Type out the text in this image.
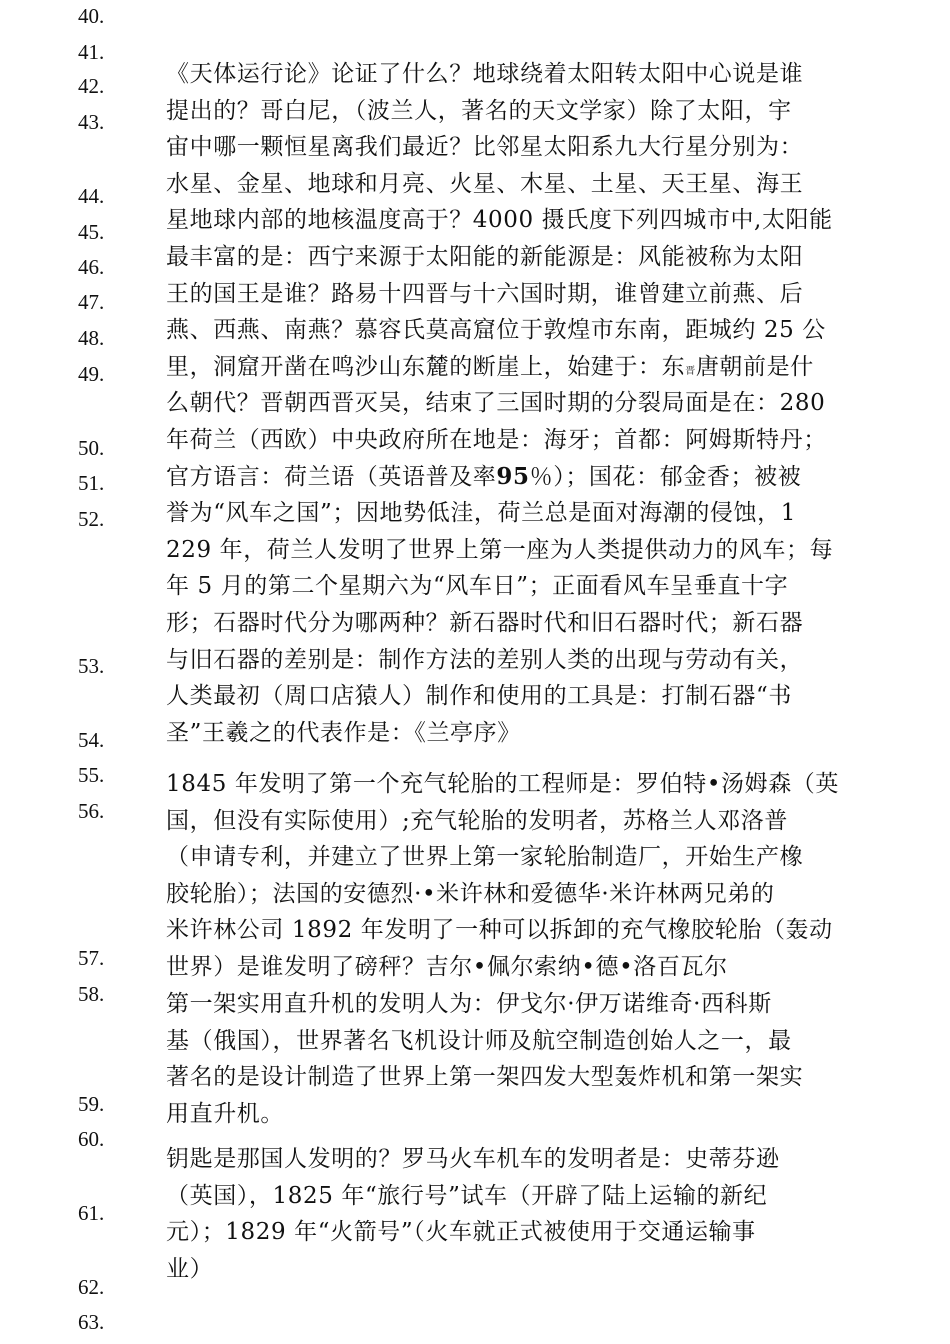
40.
41.
42.
43.
44.
45.
46.
47.
48.
49.
50.
51.
52.
53.
54.
55.
56.
57.
58.
59.
60.
61.
62.
63.
《天体运行论》论证了什么？地球绕着太阳转太阳中心说是谁
提出的？哥白尼，（波兰人，著名的天文学家）除了太阳，宇
宙中哪一颗恒星离我们最近？比邻星太阳系九大行星分别为：
水星、金星、地球和月亮、火星、木星、土星、天王星、海王
星地球内部的地核温度高于？4000 摄氏度下列四城市中,太阳能
最丰富的是：西宁来源于太阳能的新能源是：风能被称为太阳
王的国王是谁？路易十四晋与十六国时期，谁曾建立前燕、后
燕、西燕、南燕？慕容氏莫高窟位于敦煌市东南，距城约 25 公
里，洞窟开凿在鸣沙山东麓的断崖上，始建于：东晋唐朝前是什
么朝代？晋朝西晋灭吴，结束了三国时期的分裂局面是在：280
年荷兰（西欧）中央政府所在地是：海牙；首都：阿姆斯特丹；
官方语言：荷兰语（英语普及率95％）；国花：郁金香；被被
誉为“风车之国”；因地势低洼，荷兰总是面对海潮的侵蚀，1
229 年，荷兰人发明了世界上第一座为人类提供动力的风车；每
年 5 月的第二个星期六为“风车日”；正面看风车呈垂直十字
形；石器时代分为哪两种？新石器时代和旧石器时代；新石器
与旧石器的差别是：制作方法的差别人类的出现与劳动有关，
人类最初（周口店猿人）制作和使用的工具是：打制石器“书
圣”王羲之的代表作是：《兰亭序》
1845 年发明了第一个充气轮胎的工程师是：罗伯特•汤姆森（英
国，但没有实际使用）;充气轮胎的发明者，苏格兰人邓洛普
（申请专利，并建立了世界上第一家轮胎制造厂，开始生产橡
胶轮胎）；法国的安德烈·•米许林和爱德华·米许林两兄弟的
米许林公司 1892 年发明了一种可以拆卸的充气橡胶轮胎（轰动
世界）是谁发明了磅秤？吉尔•佩尔索纳•德•洛百瓦尔
第一架实用直升机的发明人为：伊戈尔·伊万诺维奇·西科斯
基（俄国），世界著名飞机设计师及航空制造创始人之一，最
著名的是设计制造了世界上第一架四发大型轰炸机和第一架实
用直升机。
钥匙是那国人发明的？罗马火车机车的发明者是：史蒂芬逊
（英国），1825 年“旅行号”试车（开辟了陆上运输的新纪
元）；1829 年“火箭号”（火车就正式被使用于交通运输事
业）
